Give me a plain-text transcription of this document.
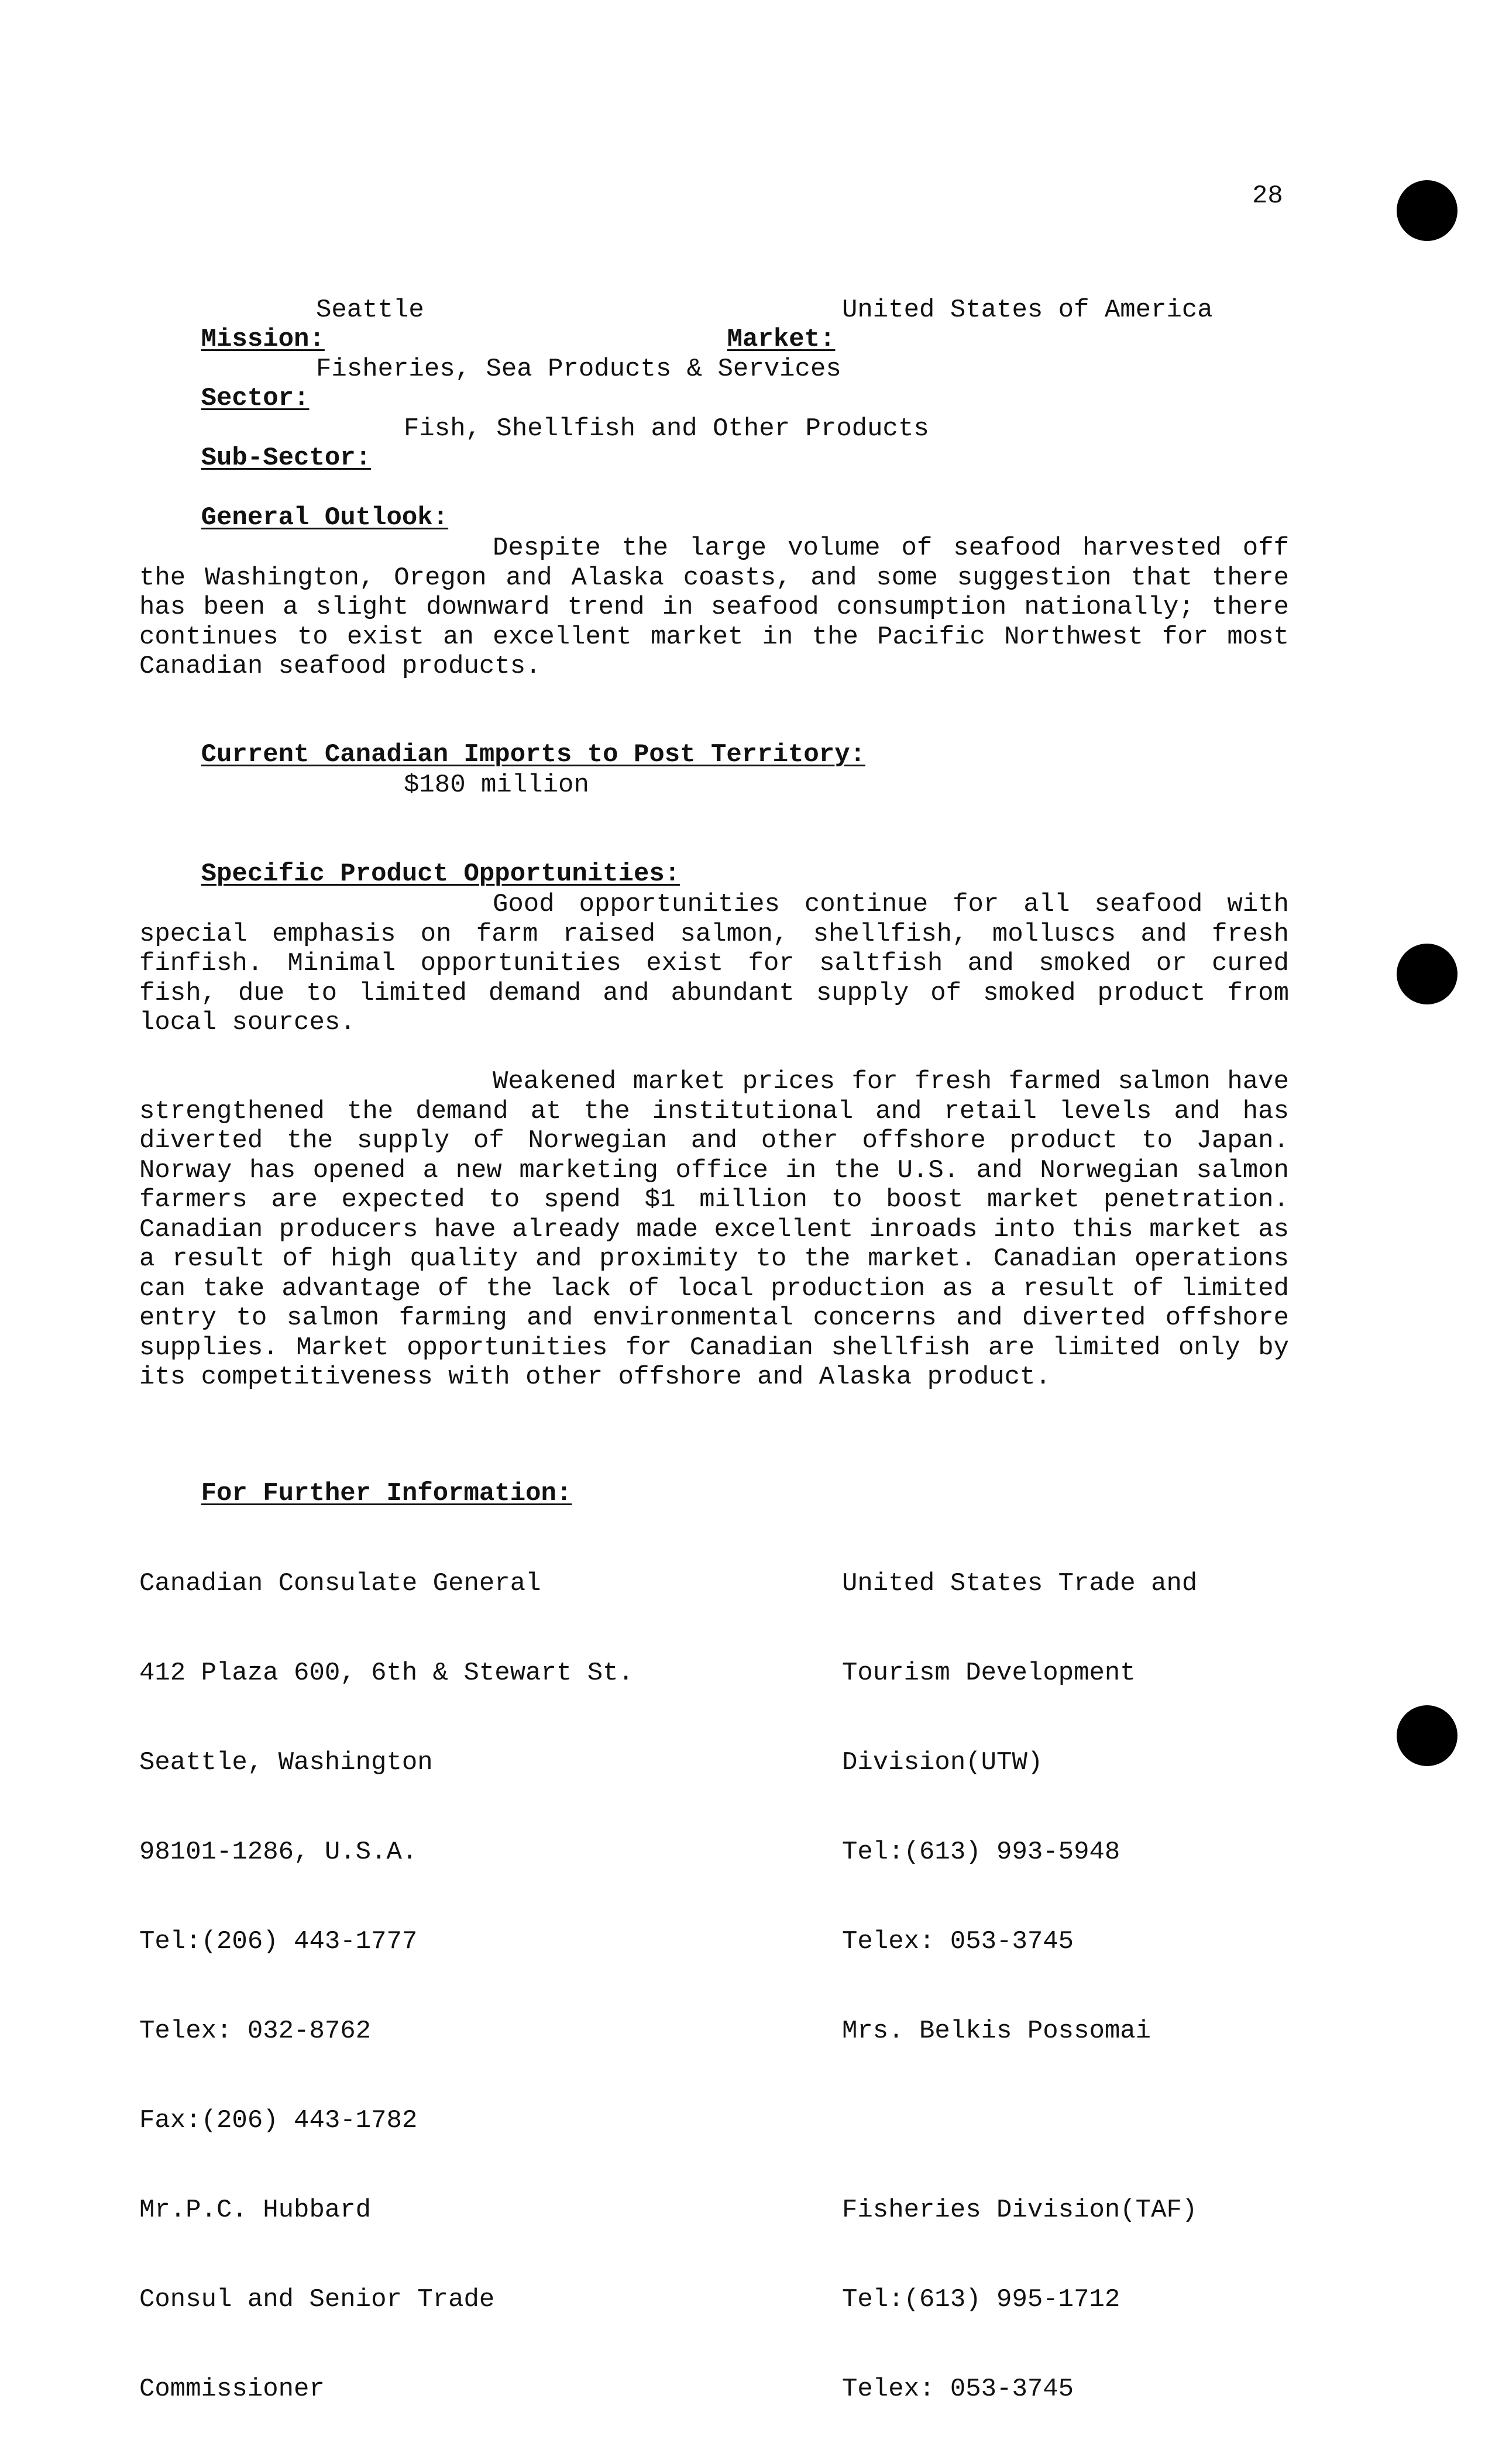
28

Mission:

Seattle

Market:

United States of America

Sector:

Fisheries, Sea Products & Services

Sub-Sector:

Fish, Shellfish and Other Products

General Outlook:

Despite the large volume of seafood harvested off the Washington, Oregon and Alaska coasts, and some suggestion that there has been a slight downward trend in seafood consumption nationally; there continues to exist an excellent market in the Pacific Northwest for most Canadian seafood products.

Current Canadian Imports to Post Territory:

$180 million

Specific Product Opportunities:

Good opportunities continue for all seafood with special emphasis on farm raised salmon, shellfish, molluscs and fresh finfish. Minimal opportunities exist for saltfish and smoked or cured fish, due to limited demand and abundant supply of smoked product from local sources.
Weakened market prices for fresh farmed salmon have strengthened the demand at the institutional and retail levels and has diverted the supply of Norwegian and other offshore product to Japan. Norway has opened a new marketing office in the U.S. and Norwegian salmon farmers are expected to spend $1 million to boost market penetration. Canadian producers have already made excellent inroads into this market as a result of high quality and proximity to the market. Canadian operations can take advantage of the lack of local production as a result of limited entry to salmon farming and environmental concerns and diverted offshore supplies. Market opportunities for Canadian shellfish are limited only by its competitiveness with other offshore and Alaska product.

For Further Information:

Canadian Consulate General

412 Plaza 600, 6th & Stewart St.

Seattle, Washington

98101-1286, U.S.A.

Tel:(206) 443-1777

Telex: 032-8762

Fax:(206) 443-1782

Mr.P.C. Hubbard

Consul and Senior Trade

Commissioner

United States Trade and

Tourism Development

Division(UTW)

Tel:(613) 993-5948

Telex: 053-3745

Mrs. Belkis Possomai

Fisheries Division(TAF)

Tel:(613) 995-1712

Telex: 053-3745
